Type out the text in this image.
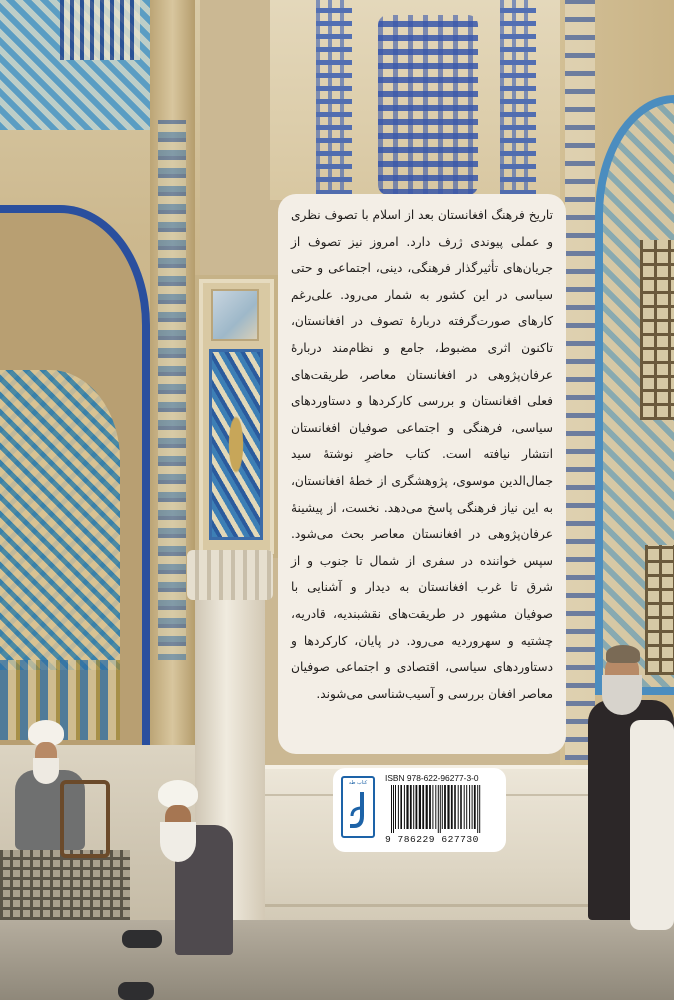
تاریخ فرهنگ افغانستان بعد از اسلام با تصوف نظری و عملی پیوندی ژرف دارد. امروز نیز تصوف از جریان‌های تأثیرگذار فرهنگی، دینی، اجتماعی و حتی سیاسی در این کشور به شمار می‌رود. علی‌رغم کارهای صورت‌گرفته دربارهٔ تصوف در افغانستان، تاکنون اثری مضبوط، جامع و نظام‌مند دربارهٔ عرفان‌پژوهی در افغانستان معاصر، طریقت‌های فعلی افغانستان و بررسی کارکردها و دستاوردهای سیاسی، فرهنگی و اجتماعی صوفیان افغانستان انتشار نیافته است. کتاب حاضرِ نوشتهٔ سید جمال‌الدین موسوی، پژوهشگری از خطهٔ افغانستان، به این نیاز فرهنگی پاسخ می‌دهد. نخست، از پیشینهٔ عرفان‌پژوهی در افغانستان معاصر بحث می‌شود. سپس خواننده در سفری از شمال تا جنوب و از شرق تا غرب افغانستان به دیدار و آشنایی با صوفیان مشهور در طریقت‌های نقشبندیه، قادریه، چشتیه و سهروردیه می‌رود. در پایان، کارکردها و دستاوردهای سیاسی، اقتصادی و اجتماعی صوفیان معاصر افغان بررسی و آسیب‌شناسی می‌شوند.

کتاب طه	ISBN 978-622-96277-3-0
9 786229 627730
